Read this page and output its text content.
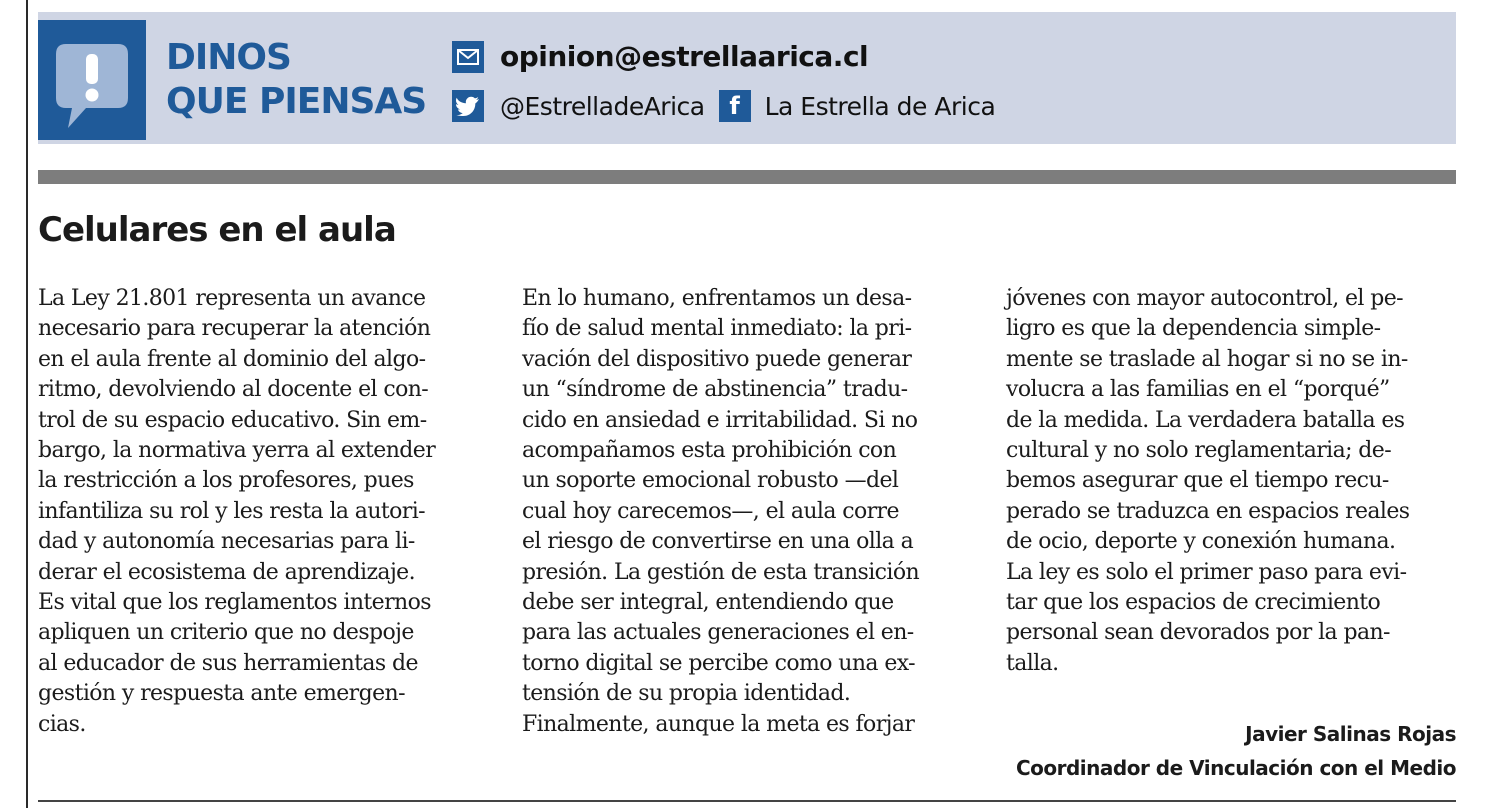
DINOS
QUE PIENSAS
opinion@estrellaarica.cl
@EstrelladeArica f La Estrella de Arica
Celulares en el aula
La Ley 21.801 representa un avance
necesario para recuperar la atención
en el aula frente al dominio del algo-
ritmo, devolviendo al docente el con-
trol de su espacio educativo. Sin em-
bargo, la normativa yerra al extender
la restricción a los profesores, pues
infantiliza su rol y les resta la autori-
dad y autonomía necesarias para li-
derar el ecosistema de aprendizaje.
Es vital que los reglamentos internos
apliquen un criterio que no despoje
al educador de sus herramientas de
gestión y respuesta ante emergen-
cias.
En lo humano, enfrentamos un desa-
fío de salud mental inmediato: la pri-
vación del dispositivo puede generar
un “síndrome de abstinencia” tradu-
cido en ansiedad e irritabilidad. Si no
acompañamos esta prohibición con
un soporte emocional robusto —del
cual hoy carecemos—, el aula corre
el riesgo de convertirse en una olla a
presión. La gestión de esta transición
debe ser integral, entendiendo que
para las actuales generaciones el en-
torno digital se percibe como una ex-
tensión de su propia identidad.
Finalmente, aunque la meta es forjar
jóvenes con mayor autocontrol, el pe-
ligro es que la dependencia simple-
mente se traslade al hogar si no se in-
volucra a las familias en el “porqué”
de la medida. La verdadera batalla es
cultural y no solo reglamentaria; de-
bemos asegurar que el tiempo recu-
perado se traduzca en espacios reales
de ocio, deporte y conexión humana.
La ley es solo el primer paso para evi-
tar que los espacios de crecimiento
personal sean devorados por la pan-
talla.
Javier Salinas Rojas
Coordinador de Vinculación con el Medio
